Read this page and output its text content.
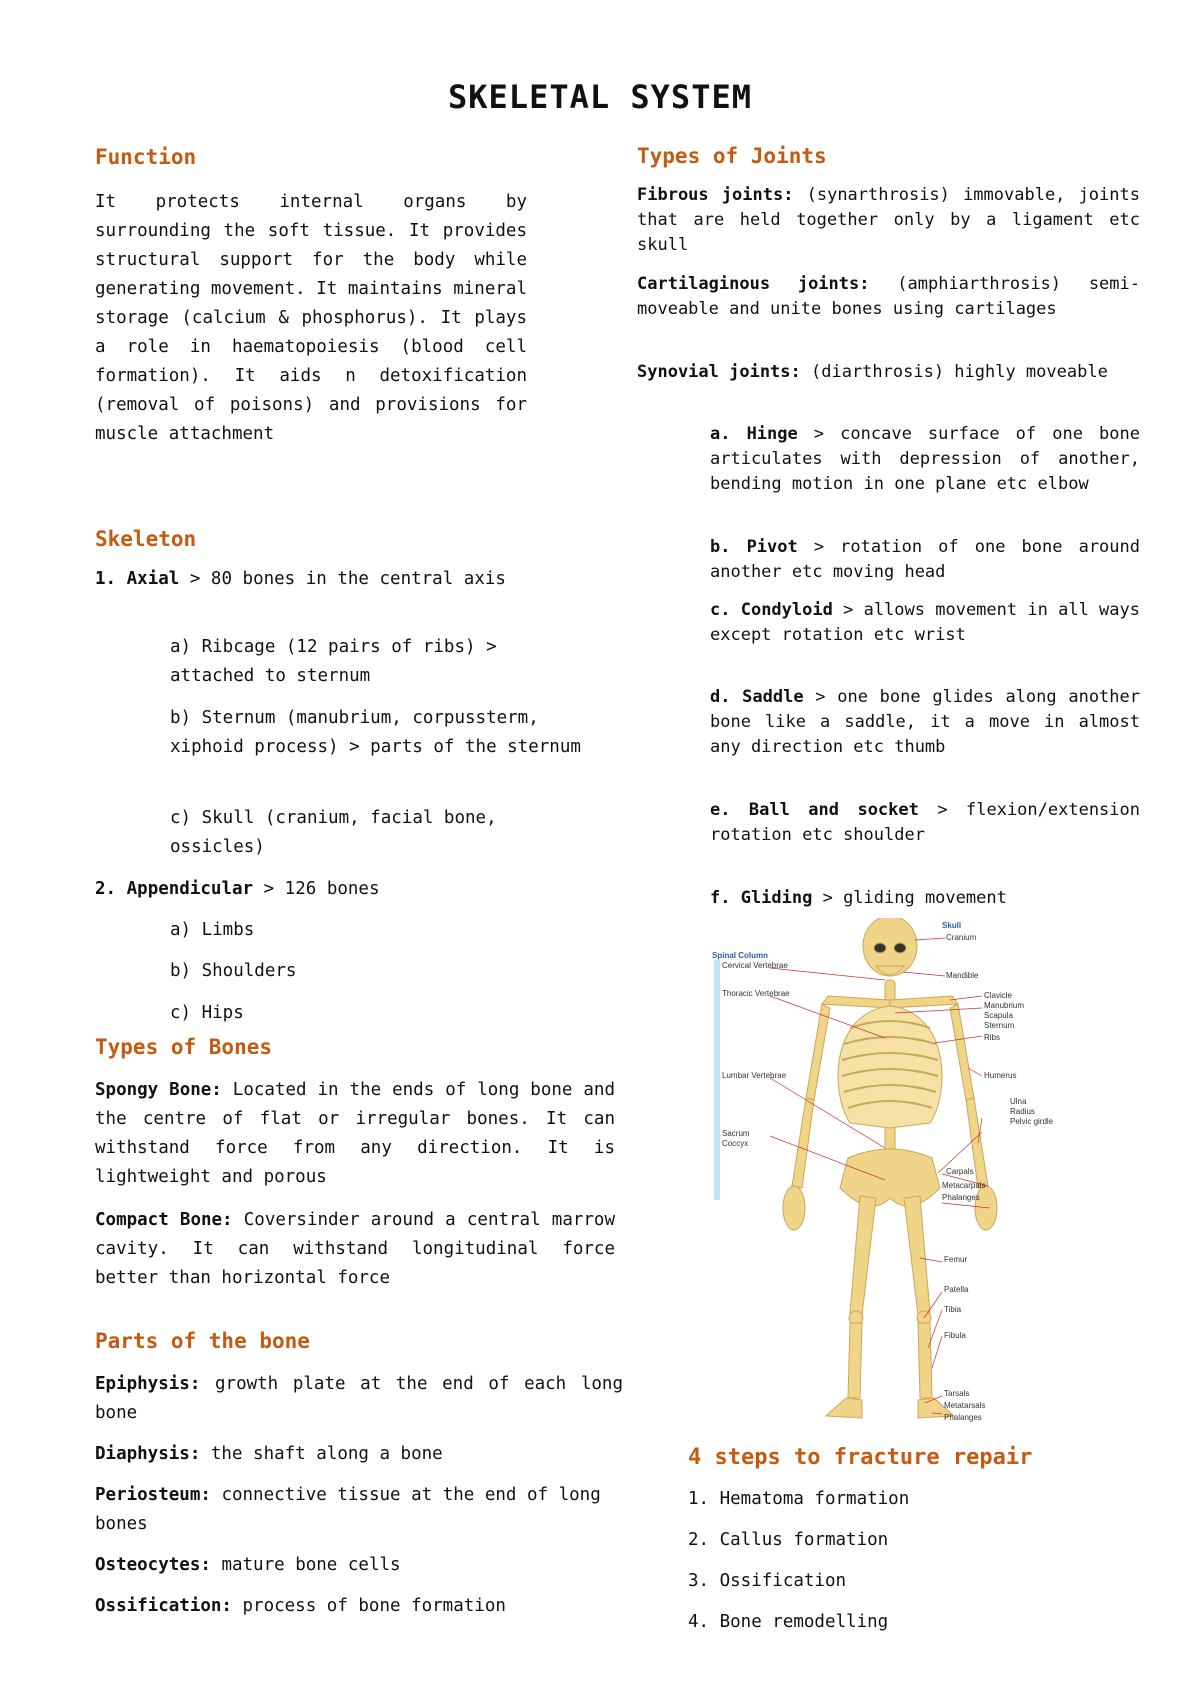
SKELETAL SYSTEM
Function

It protects internal organs by surrounding the soft tissue. It provides structural support for the body while generating movement. It maintains mineral storage (calcium & phosphorus). It plays a role in haematopoiesis (blood cell formation). It aids n detoxification (removal of poisons) and provisions for muscle attachment

Skeleton

1. Axial > 80 bones in the central axis

a) Ribcage (12 pairs of ribs) > attached to sternum

b) Sternum (manubrium, corpussterm, xiphoid process) > parts of the sternum

c) Skull (cranium, facial bone, ossicles)

2. Appendicular > 126 bones

a) Limbs

b) Shoulders

c) Hips

Types of Bones

Spongy Bone: Located in the ends of long bone and the centre of flat or irregular bones. It can withstand force from any direction. It is lightweight and porous

Compact Bone: Coversinder around a central marrow cavity. It can withstand longitudinal force better than horizontal force

Parts of the bone

Epiphysis: growth plate at the end of each long bone

Diaphysis: the shaft along a bone

Periosteum: connective tissue at the end of long bones

Osteocytes: mature bone cells

Ossification: process of bone formation

Types of Joints

Fibrous joints: (synarthrosis) immovable, joints that are held together only by a ligament etc skull

Cartilaginous joints: (amphiarthrosis) semi-moveable and unite bones using cartilages

Synovial joints: (diarthrosis) highly moveable

a. Hinge > concave surface of one bone articulates with depression of another, bending motion in one plane etc elbow

b. Pivot > rotation of one bone around another etc moving head

c. Condyloid > allows movement in all ways except rotation etc wrist

d. Saddle > one bone glides along another bone like a saddle, it a move in almost any direction etc thumb

e. Ball and socket > flexion/extension rotation etc shoulder

f. Gliding > gliding movement

Skull
Cranium
Spinal Column
Cervical Vertebrae
Mandible
Thoracic Vertebrae	Clavicle
Manubrium
Scapula
Sternum
Ribs
Lumbar Vertebrae	Humerus
Ulna
Radius
Pelvic girdle
Sacrum
Coccyx
Carpals
Metacarpals
Phalanges
Femur
Patella
Tibia
Fibula
Tarsals
Metatarsals
Phalanges
4 steps to fracture repair

1. Hematoma formation

2. Callus formation

3. Ossification

4. Bone remodelling
